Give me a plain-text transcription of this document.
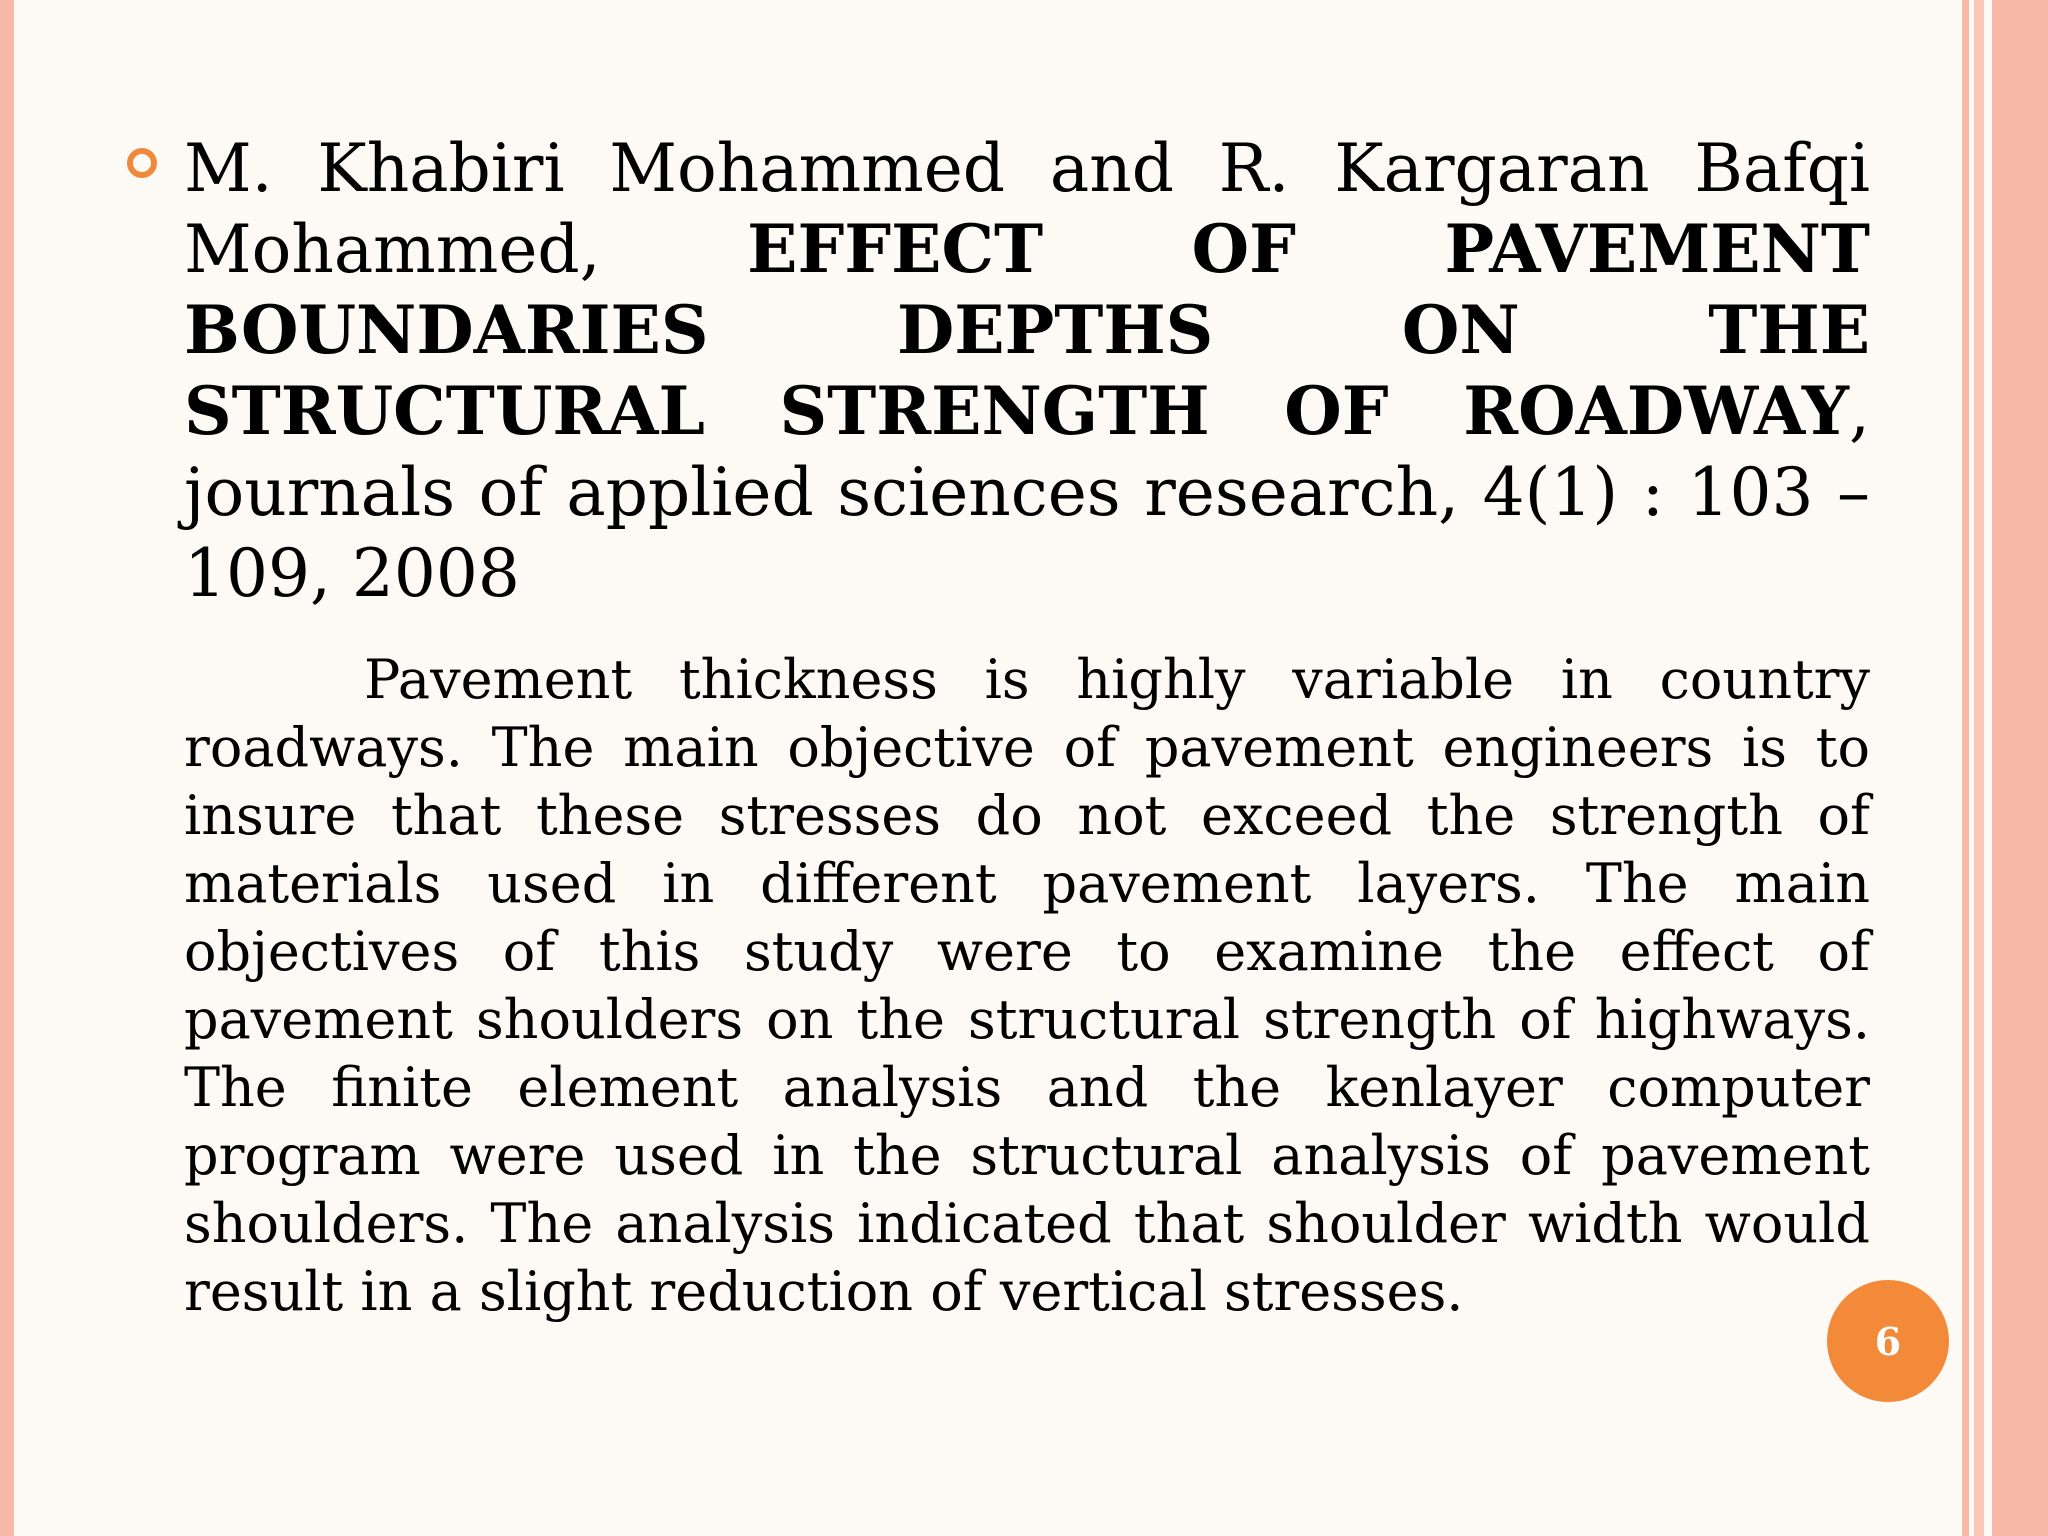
M. Khabiri Mohammed and R. Kargaran Bafqi Mohammed, EFFECT OF PAVEMENT BOUNDARIES DEPTHS ON THE STRUCTURAL STRENGTH OF ROADWAY, journals of applied sciences research, 4(1) : 103 – 109, 2008

Pavement thickness is highly variable in country roadways. The main objective of pavement engineers is to insure that these stresses do not exceed the strength of materials used in different pavement layers. The main objectives of this study were to examine the effect of pavement shoulders on the structural strength of highways. The finite element analysis and the kenlayer computer program were used in the structural analysis of pavement shoulders. The analysis indicated that shoulder width would result in a slight reduction of vertical stresses.

6
